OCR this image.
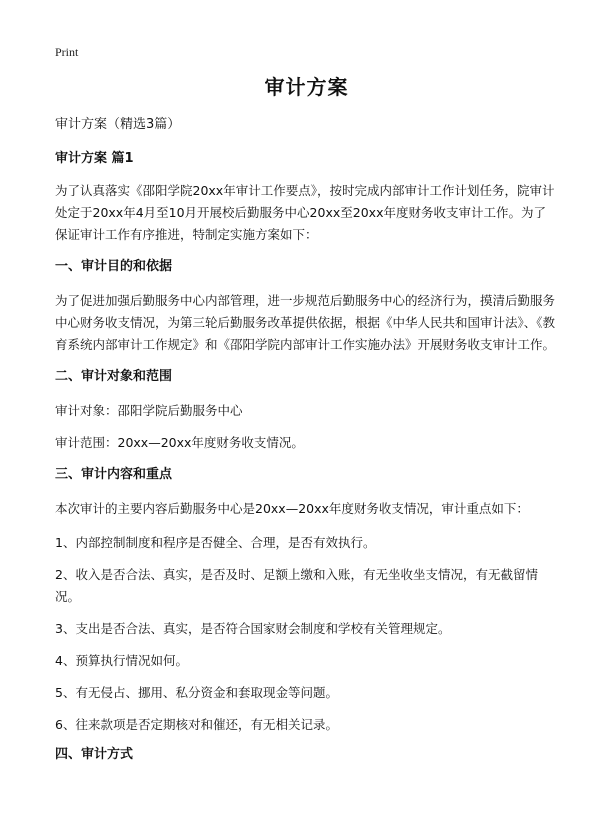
Print
审计方案
审计方案（精选3篇）
审计方案 篇1

为了认真落实《邵阳学院20xx年审计工作要点》，按时完成内部审计工作计划任务，院审计处定于20xx年4月至10月开展校后勤服务中心20xx至20xx年度财务收支审计工作。为了保证审计工作有序推进，特制定实施方案如下：

一、审计目的和依据

为了促进加强后勤服务中心内部管理，进一步规范后勤服务中心的经济行为，摸清后勤服务中心财务收支情况，为第三轮后勤服务改革提供依据，根据《中华人民共和国审计法》、《教育系统内部审计工作规定》和《邵阳学院内部审计工作实施办法》开展财务收支审计工作。

二、审计对象和范围

审计对象：邵阳学院后勤服务中心

审计范围：20xx—20xx年度财务收支情况。

三、审计内容和重点

本次审计的主要内容后勤服务中心是20xx—20xx年度财务收支情况，审计重点如下：

1、内部控制制度和程序是否健全、合理，是否有效执行。

2、收入是否合法、真实，是否及时、足额上缴和入账，有无坐收坐支情况，有无截留情况。

3、支出是否合法、真实，是否符合国家财会制度和学校有关管理规定。

4、预算执行情况如何。

5、有无侵占、挪用、私分资金和套取现金等问题。

6、往来款项是否定期核对和催还，有无相关记录。

四、审计方式
